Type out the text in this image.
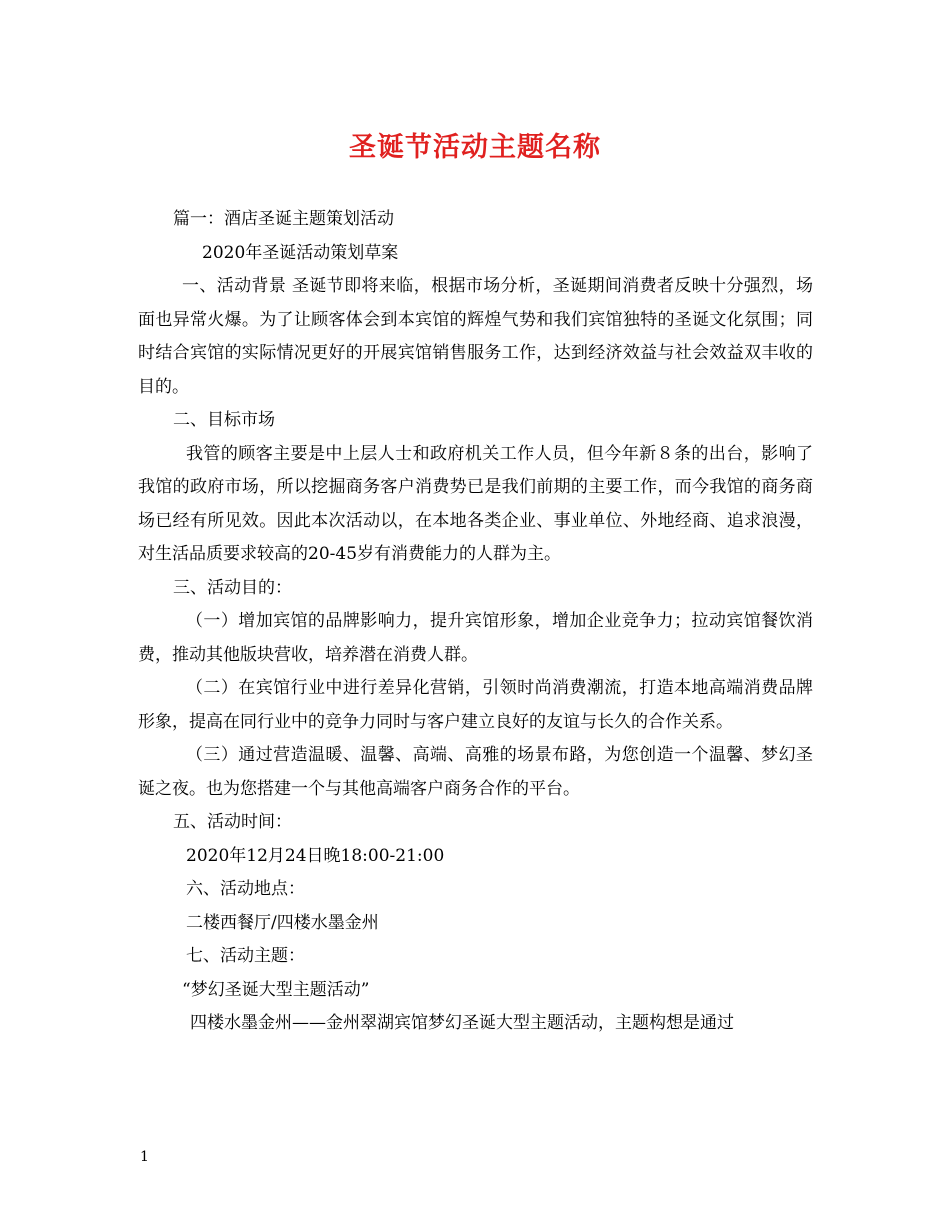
圣诞节活动主题名称

篇一：酒店圣诞主题策划活动

2020年圣诞活动策划草案

一、活动背景 圣诞节即将来临，根据市场分析，圣诞期间消费者反映十分强烈，场面也异常火爆。为了让顾客体会到本宾馆的辉煌气势和我们宾馆独特的圣诞文化氛围；同时结合宾馆的实际情况更好的开展宾馆销售服务工作，达到经济效益与社会效益双丰收的目的。

二、目标市场

我管的顾客主要是中上层人士和政府机关工作人员，但今年新８条的出台，影响了我馆的政府市场，所以挖掘商务客户消费势已是我们前期的主要工作，而今我馆的商务商场已经有所见效。因此本次活动以，在本地各类企业、事业单位、外地经商、追求浪漫，对生活品质要求较高的20-45岁有消费能力的人群为主。

三、活动目的：

（一）增加宾馆的品牌影响力，提升宾馆形象，增加企业竞争力；拉动宾馆餐饮消费，推动其他版块营收，培养潜在消费人群。

（二）在宾馆行业中进行差异化营销，引领时尚消费潮流，打造本地高端消费品牌形象，提高在同行业中的竞争力同时与客户建立良好的友谊与长久的合作关系。

（三）通过营造温暖、温馨、高端、高雅的场景布路，为您创造一个温馨、梦幻圣诞之夜。也为您搭建一个与其他高端客户商务合作的平台。

五、活动时间：

2020年12月24日晚18:00-21:00

六、活动地点：

二楼西餐厅/四楼水墨金州

七、活动主题：

“梦幻圣诞大型主题活动”

四楼水墨金州——金州翠湖宾馆梦幻圣诞大型主题活动，主题构想是通过

1
